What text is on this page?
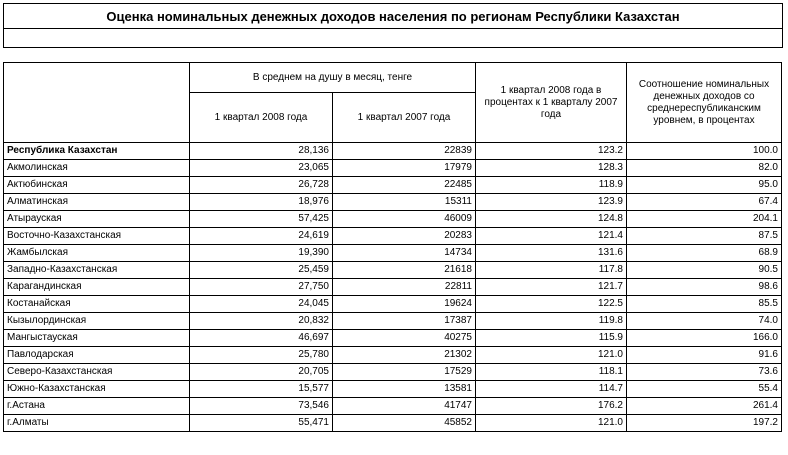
Оценка номинальных денежных доходов населения по регионам Республики Казахстан
	В среднем на душу в месяц, тенге		1 квартал 2008 года в процентах к 1 кварталу 2007 года	Соотношение номинальных денежных доходов со среднереспубликанским уровнем, в процентах
	1 квартал 2008 года	1 квартал 2007 года		
Республика Казахстан	28,136	22839	123.2	100.0
Акмолинская	23,065	17979	128.3	82.0
Актюбинская	26,728	22485	118.9	95.0
Алматинская	18,976	15311	123.9	67.4
Атырауская	57,425	46009	124.8	204.1
Восточно-Казахстанская	24,619	20283	121.4	87.5
Жамбылская	19,390	14734	131.6	68.9
Западно-Казахстанская	25,459	21618	117.8	90.5
Карагандинская	27,750	22811	121.7	98.6
Костанайская	24,045	19624	122.5	85.5
Кызылординская	20,832	17387	119.8	74.0
Мангыстауская	46,697	40275	115.9	166.0
Павлодарская	25,780	21302	121.0	91.6
Северо-Казахстанская	20,705	17529	118.1	73.6
Южно-Казахстанская	15,577	13581	114.7	55.4
г.Астана	73,546	41747	176.2	261.4
г.Алматы	55,471	45852	121.0	197.2
